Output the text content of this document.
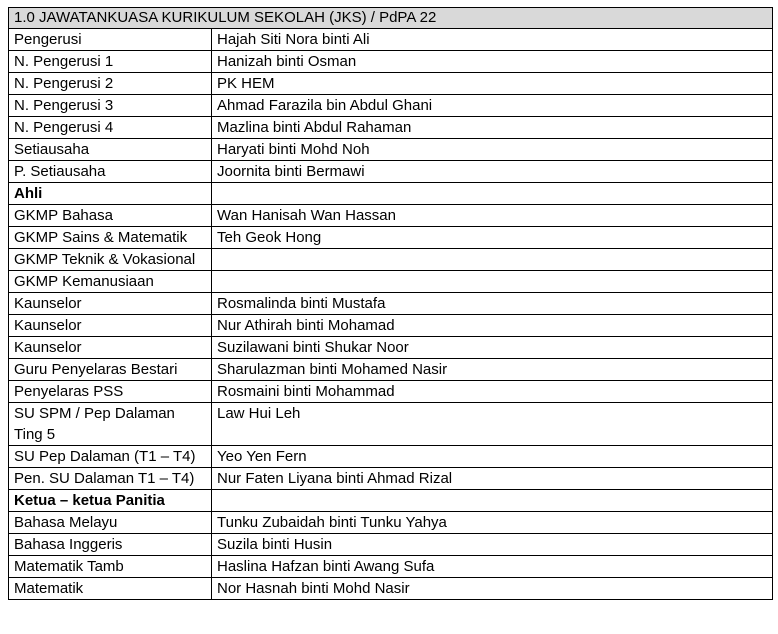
1.0 JAWATANKUASA KURIKULUM SEKOLAH (JKS) / PdPA 22	
Pengerusi	Hajah Siti Nora binti Ali
N. Pengerusi 1	Hanizah binti Osman
N. Pengerusi 2	PK HEM
N. Pengerusi 3	Ahmad Farazila bin Abdul Ghani
N. Pengerusi 4	Mazlina binti Abdul Rahaman
Setiausaha	Haryati binti Mohd Noh
P. Setiausaha	Joornita binti Bermawi
Ahli	
GKMP Bahasa	Wan Hanisah Wan Hassan
GKMP Sains & Matematik	Teh Geok Hong
GKMP Teknik & Vokasional	
GKMP Kemanusiaan	
Kaunselor	Rosmalinda binti Mustafa
Kaunselor	Nur Athirah binti Mohamad
Kaunselor	Suzilawani binti Shukar Noor
Guru Penyelaras Bestari	Sharulazman binti Mohamed Nasir
Penyelaras PSS	Rosmaini binti Mohammad
SU SPM / Pep Dalaman Ting 5	Law Hui Leh
SU Pep Dalaman (T1 – T4)	Yeo Yen Fern
Pen. SU Dalaman T1 – T4)	Nur Faten Liyana binti Ahmad Rizal
Ketua – ketua Panitia	
Bahasa Melayu	Tunku Zubaidah binti Tunku Yahya
Bahasa Inggeris	Suzila binti Husin
Matematik Tamb	Haslina Hafzan binti Awang Sufa
Matematik	Nor Hasnah binti Mohd Nasir
